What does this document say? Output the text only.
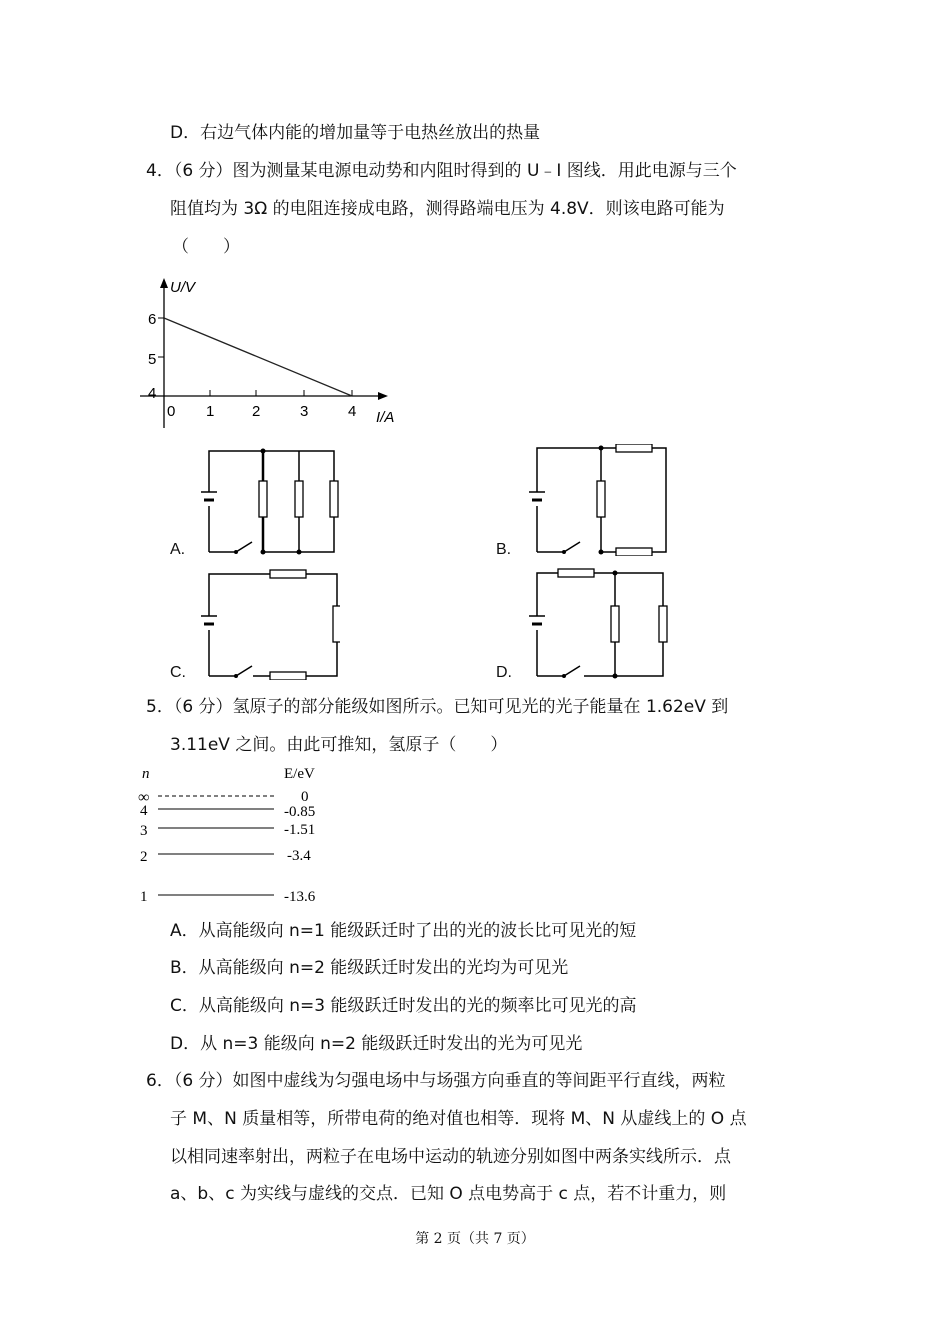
D．右边气体内能的增加量等于电热丝放出的热量
4．（6 分）图为测量某电源电动势和内阻时得到的 U﹣I 图线．用此电源与三个
阻值均为 3Ω 的电阻连接成电路，测得路端电压为 4.8V．则该电路可能为
（　　）
U/V
I/A
6
5
4
0 1	2	3	4
A.	B.
C.	D.
5．（6 分）氢原子的部分能级如图所示。已知可见光的光子能量在 1.62eV 到
3.11eV 之间。由此可推知，氢原子（　　）
n	E/eV
∞	0
4	-0.85
3	-1.51
2	-3.4
1	-13.6
A．从高能级向 n=1 能级跃迁时了出的光的波长比可见光的短
B．从高能级向 n=2 能级跃迁时发出的光均为可见光
C．从高能级向 n=3 能级跃迁时发出的光的频率比可见光的高
D．从 n=3 能级向 n=2 能级跃迁时发出的光为可见光
6．（6 分）如图中虚线为匀强电场中与场强方向垂直的等间距平行直线，两粒
子 M、N 质量相等，所带电荷的绝对值也相等．现将 M、N 从虚线上的 O 点
以相同速率射出，两粒子在电场中运动的轨迹分别如图中两条实线所示．点
a、b、c 为实线与虚线的交点．已知 O 点电势高于 c 点，若不计重力，则
第 2 页（共 7 页）
